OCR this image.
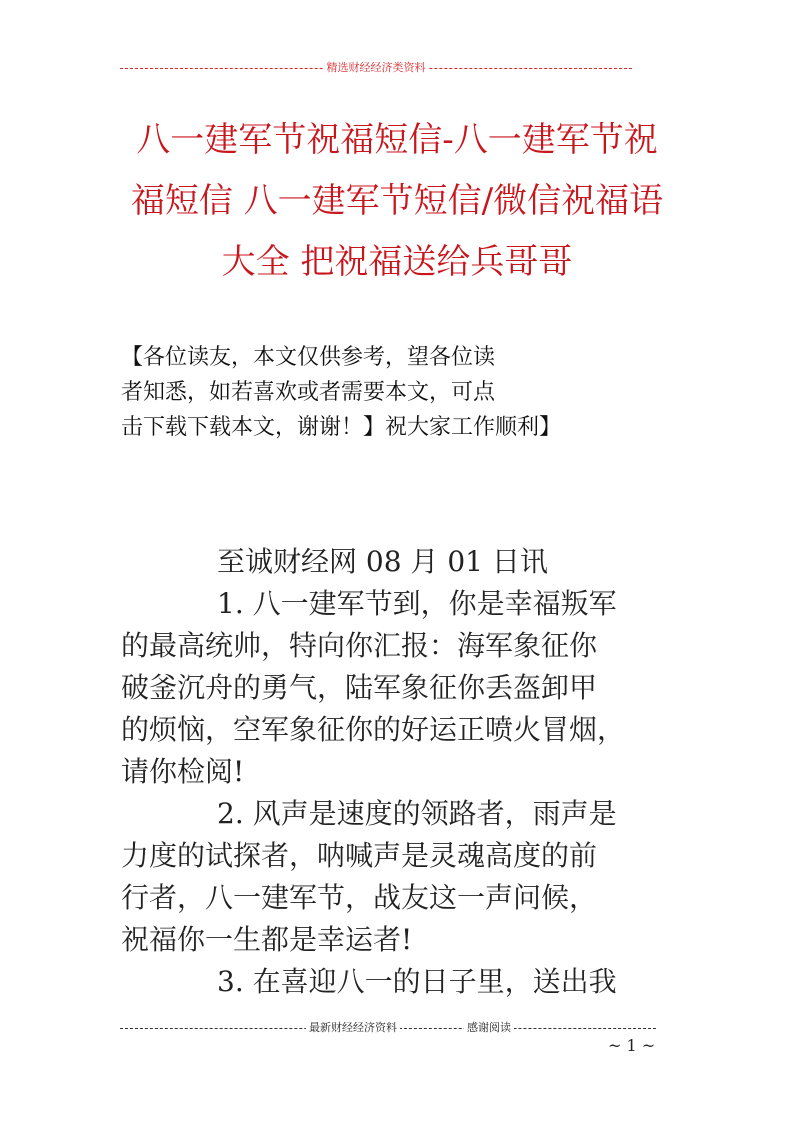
精选财经经济类资料
八一建军节祝福短信-八一建军节祝
福短信 八一建军节短信/微信祝福语
大全 把祝福送给兵哥哥
【各位读友，本文仅供参考，望各位读
者知悉，如若喜欢或者需要本文，可点
击下载下载本文，谢谢！】祝大家工作顺利】
至诚财经网 08 月 01 日讯
1. 八一建军节到，你是幸福叛军
的最高统帅，特向你汇报：海军象征你
破釜沉舟的勇气，陆军象征你丢盔卸甲
的烦恼，空军象征你的好运正喷火冒烟，
请你检阅!
2. 风声是速度的领路者，雨声是
力度的试探者，呐喊声是灵魂高度的前
行者，八一建军节，战友这一声问候，
祝福你一生都是幸运者!
3. 在喜迎八一的日子里，送出我
最新财经经济资料	感谢阅读
~ 1 ~
